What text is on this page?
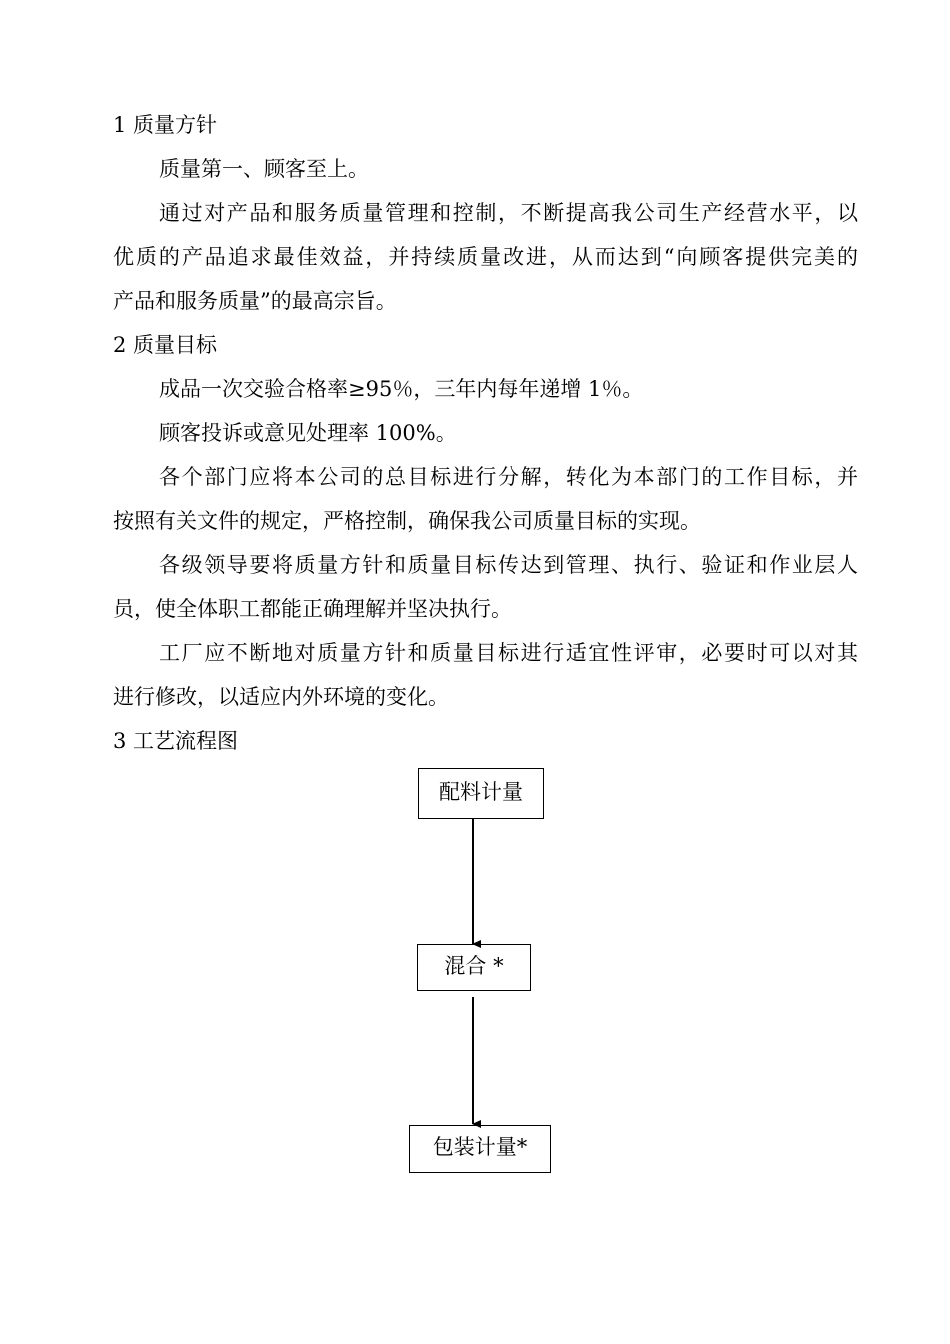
1 质量方针
质量第一、顾客至上。
通过对产品和服务质量管理和控制，不断提高我公司生产经营水平，以
优质的产品追求最佳效益，并持续质量改进，从而达到“向顾客提供完美的
产品和服务质量”的最高宗旨。
2 质量目标
成品一次交验合格率≥95％，三年内每年递增 1％。
顾客投诉或意见处理率 100%。
各个部门应将本公司的总目标进行分解，转化为本部门的工作目标，并
按照有关文件的规定，严格控制，确保我公司质量目标的实现。
各级领导要将质量方针和质量目标传达到管理、执行、验证和作业层人
员，使全体职工都能正确理解并坚决执行。
工厂应不断地对质量方针和质量目标进行适宜性评审，必要时可以对其
进行修改，以适应内外环境的变化。
3 工艺流程图
配料计量
混合 *
包装计量*
